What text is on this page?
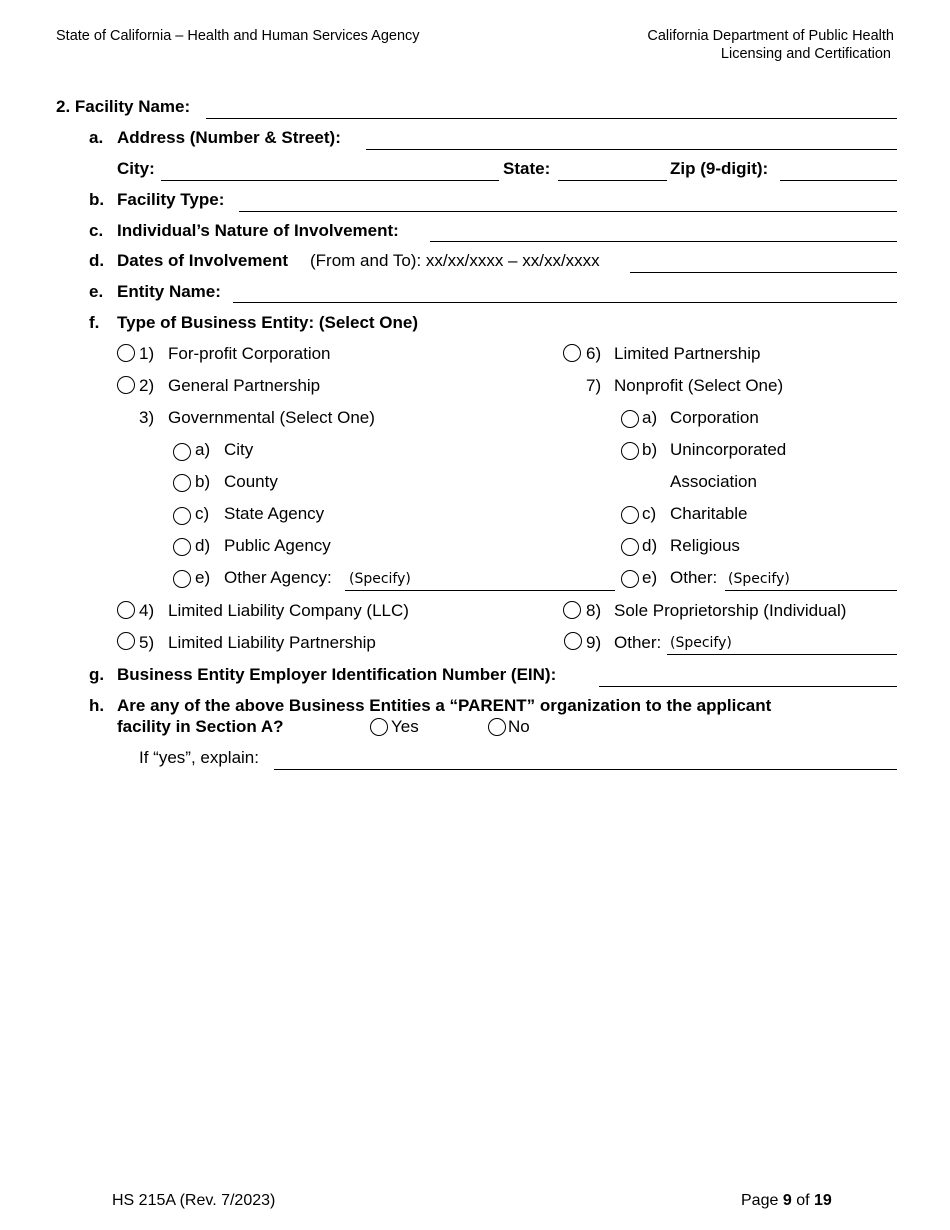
State of California – Health and Human Services Agency	California Department of Public Health
Licensing and Certification
2. Facility Name:
a. Address (Number & Street):
City:	State:	Zip (9-digit):
b. Facility Type:
c. Individual’s Nature of Involvement:
d. Dates of Involvement (From and To): xx/xx/xxxx – xx/xx/xxxx
e. Entity Name:
f. Type of Business Entity: (Select One)
1) For-profit Corporation
2) General Partnership
3) Governmental (Select One)
a) City
b) County
c) State Agency
d) Public Agency
e) Other Agency: (Specify)
4) Limited Liability Company (LLC)
5) Limited Liability Partnership
6) Limited Partnership
7) Nonprofit (Select One)
a) Corporation
b) Unincorporated
Association
c) Charitable
d) Religious
e) Other: (Specify)
8) Sole Proprietorship (Individual)
9) Other: (Specify)
g. Business Entity Employer Identification Number (EIN):
h. Are any of the above Business Entities a “PARENT” organization to the applicant
facility in Section A?	Yes	No
If “yes”, explain:
HS 215A (Rev. 7/2023)	Page 9 of 19
